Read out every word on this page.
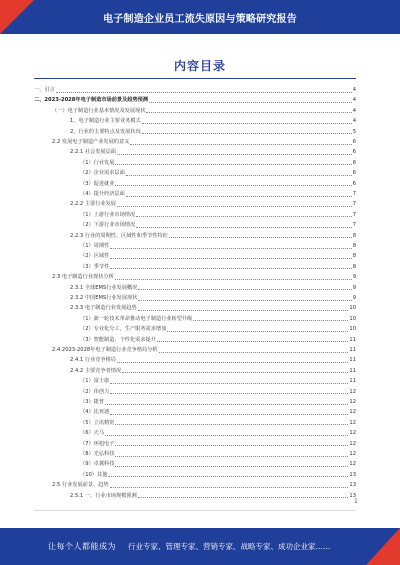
电子制造企业员工流失原因与策略研究报告
内容目录
一、引言	4
二、2023-2028年电子制造市场前景及趋势预测	4
（一）电子制造行业基本情况及发展现状	4
1、电子制造行业主要业务模式	4
2、行业的主要特点及发展状况	5
2.2 发展电子制造产业发展的意义	6
2.2.1 社会发展层面	6
（1）行业发展	6
（2）企业需求层面	6
（3）促进就业	6
（4）提升经济层面	7
2.2.2 主要行业发展	7
（1）上游行业市场情况	7
（2）下游行业市场情况	7
2.2.3 行业的周期性、区域性和季节性特征	8
（1）周期性	8
（2）区域性	8
（3）季节性	8
2.3 电子制造行业现状分析	9
2.3.1 全球EMS行业发展概况	9
2.3.2 中国EMS行业发展现状	9
2.3.3 电子制造行业发展趋势	10
（1）新一轮技术革命推动电子制造行业转型升级	10
（2）专业化分工，生产服务需求增加	10
（3）智能制造，个性化需求提升	11
2.4 2023-2028年电子制造行业竞争格局分析	11
2.4.1 行业竞争格局	11
2.4.2 主要竞争者情况	11
（1）富士康	11
（2）伟创力	12
（3）捷普	12
（4）比亚迪	12
（5）立讯精密	12
（6）天马	12
（7）环旭电子	12
（8）光弘科技	12
（9）卓翼科技	12
（10）其他	13
2.5 行业发展前景、趋势	13
2.5.1 一、行业市场规模预测	13
1
让每个人都能成为 行业专家、管理专家、营销专家、战略专家、成功企业家……
